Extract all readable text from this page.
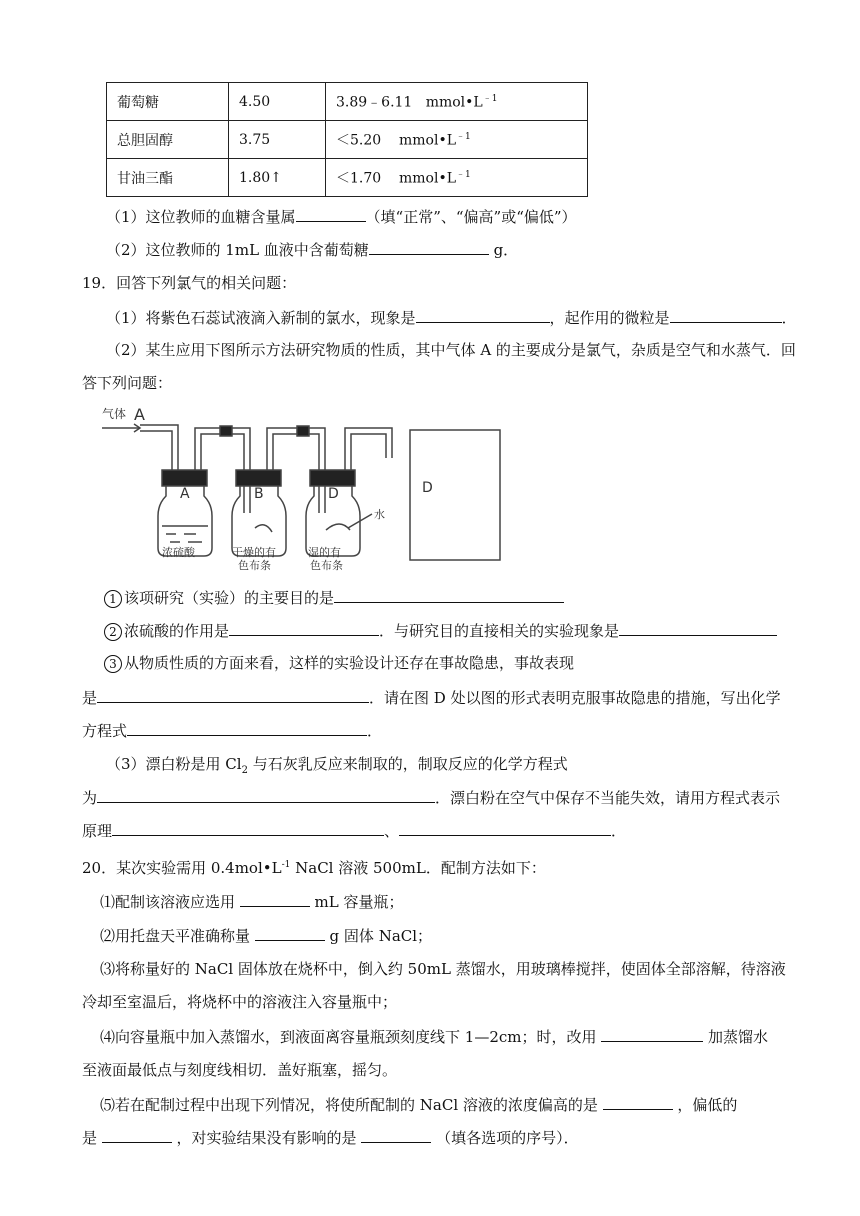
葡萄糖	4.50	3.89﹣6.11 $mmol•L^{﹣1}$
总胆固醇	3.75	＜5.20 $mmol•L^{﹣1}$
甘油三酯	1.80↑	＜1.70 $mmol•L^{﹣1}$
（1）这位教师的血糖含量属	（填“正常”、“偏高”或“偏低”）
（2）这位教师的 1mL 血液中含葡萄糖	g．
19．回答下列氯气的相关问题：
（1）将紫色石蕊试液滴入新制的氯水，现象是	，起作用的微粒是	．
（2）某生应用下图所示方法研究物质的性质，其中气体 A 的主要成分是氯气，杂质是空气和水蒸气．回
答下列问题：
气体 A
A	B	D	D
水
浓硫酸	干燥的有
色布条
湿的有
色布条
1 该项研究（实验）的主要目的是
2 浓硫酸的作用是	．与研究目的直接相关的实验现象是
3 从物质性质的方面来看，这样的实验设计还存在事故隐患，事故表现
是	．请在图 D 处以图的形式表明克服事故隐患的措施，写出化学
方程式	．
（3）漂白粉是用 $Cl_2$ 与石灰乳反应来制取的，制取反应的化学方程式
为	．漂白粉在空气中保存不当能失效，请用方程式表示
原理	、	．
20．某次实验需用 $0.4mol•L^{-1}$ NaCl 溶液 500mL．配制方法如下：
⑴配制该溶液应选用	mL 容量瓶；
⑵用托盘天平准确称量	g 固体 NaCl；
⑶将称量好的 NaCl 固体放在烧杯中，倒入约 50mL 蒸馏水，用玻璃棒搅拌，使固体全部溶解，待溶液
冷却至室温后，将烧杯中的溶液注入容量瓶中；
⑷向容量瓶中加入蒸馏水，到液面离容量瓶颈刻度线下 1—2cm；时，改用	加蒸馏水
至液面最低点与刻度线相切．盖好瓶塞，摇匀。
⑸若在配制过程中出现下列情况，将使所配制的 NaCl 溶液的浓度偏高的是	，偏低的
是	，对实验结果没有影响的是	（填各选项的序号）．
